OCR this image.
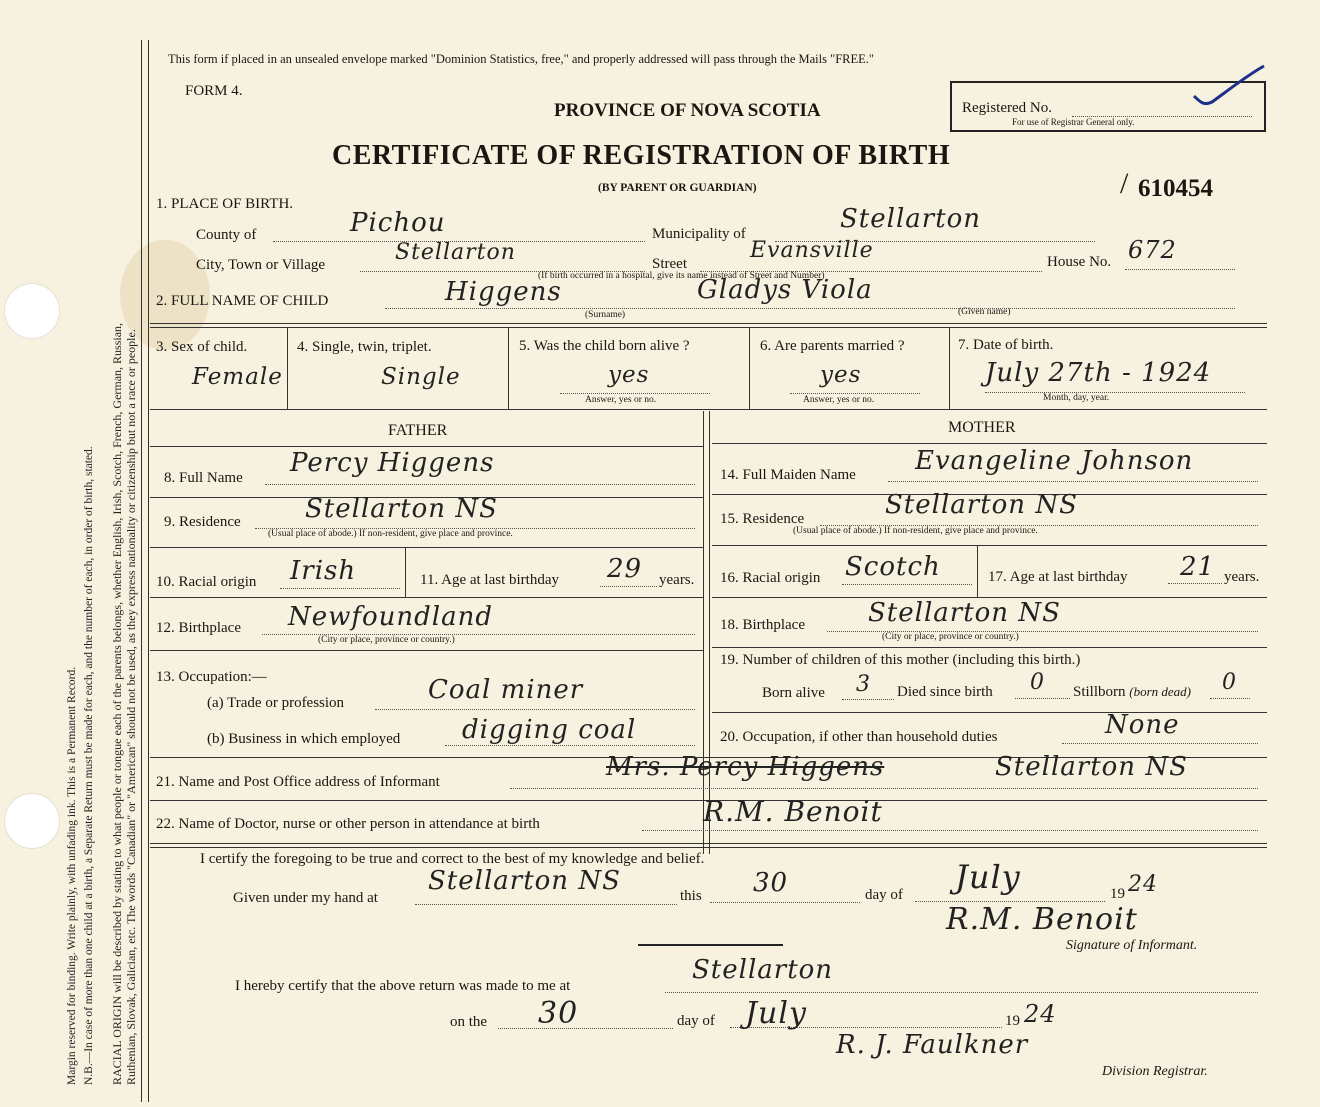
Margin reserved for binding. Write plainly, with unfading ink. This is a Permanent Record. N.B.—In case of more than one child at a birth, a Separate Return must be made for each, and the number of each, in order of birth, stated. RACIAL ORIGIN will be described by stating to what people or tongue each of the parents belongs, whether English, Irish, Scotch, French, German, Russian, Ruthenian, Slovak, Galician, etc. The words "Canadian" or "American" should not be used, as they express nationality or citizenship but not a race or people.
This form if placed in an unsealed envelope marked "Dominion Statistics, free," and properly addressed will pass through the Mails "FREE."
FORM 4.
PROVINCE OF NOVA SCOTIA
CERTIFICATE OF REGISTRATION OF BIRTH
(BY PARENT OR GUARDIAN)
Registered No.
For use of Registrar General only.
610454
/
1. PLACE OF BIRTH.
County of	Pichou	Municipality of	Stellarton
City, Town or Village	Stellarton	Street
Evansville	House No. 672
(If birth occurred in a hospital, give its name instead of Street and Number)
2. FULL NAME OF CHILD	Higgens	Gladys Viola
(Surname)	(Given name)
3. Sex of child.
Female
4. Single, twin, triplet.
Single
5. Was the child born alive ?
yes
Answer, yes or no.
6. Are parents married ?
yes
Answer, yes or no.
7. Date of birth.
July 27th - 1924
Month, day, year.
FATHER	MOTHER
8. Full Name Percy Higgens
9. Residence Stellarton NS
(Usual place of abode.) If non-resident, give place and province.
10. Racial origin Irish	11. Age at last birthday 29 years.
12. Birthplace Newfoundland
(City or place, province or country.)
13. Occupation:—
(a) Trade or profession	Coal miner
(b) Business in which employed digging coal
14. Full Maiden Name Evangeline Johnson
15. Residence	Stellarton NS
(Usual place of abode.) If non-resident, give place and province.
16. Racial origin Scotch	17. Age at last birthday 21 years.
18. Birthplace Stellarton NS
(City or place, province or country.)
19. Number of children of this mother (including this birth.)
Born alive 3 Died since birth 0 Stillborn (born dead) 0
20. Occupation, if other than household duties	None
21. Name and Post Office address of Informant	Mrs. Percy Higgens	Stellarton NS
22. Name of Doctor, nurse or other person in attendance at birth	R.M. Benoit
I certify the foregoing to be true and correct to the best of my knowledge and belief.
Given under my hand at
Stellarton NS	this 30	day of July	19 24
R.M. Benoit
Signature of Informant.
I hereby certify that the above return was made to me at
Stellarton
on the 30	day of July	19 24
R. J. Faulkner
Division Registrar.
